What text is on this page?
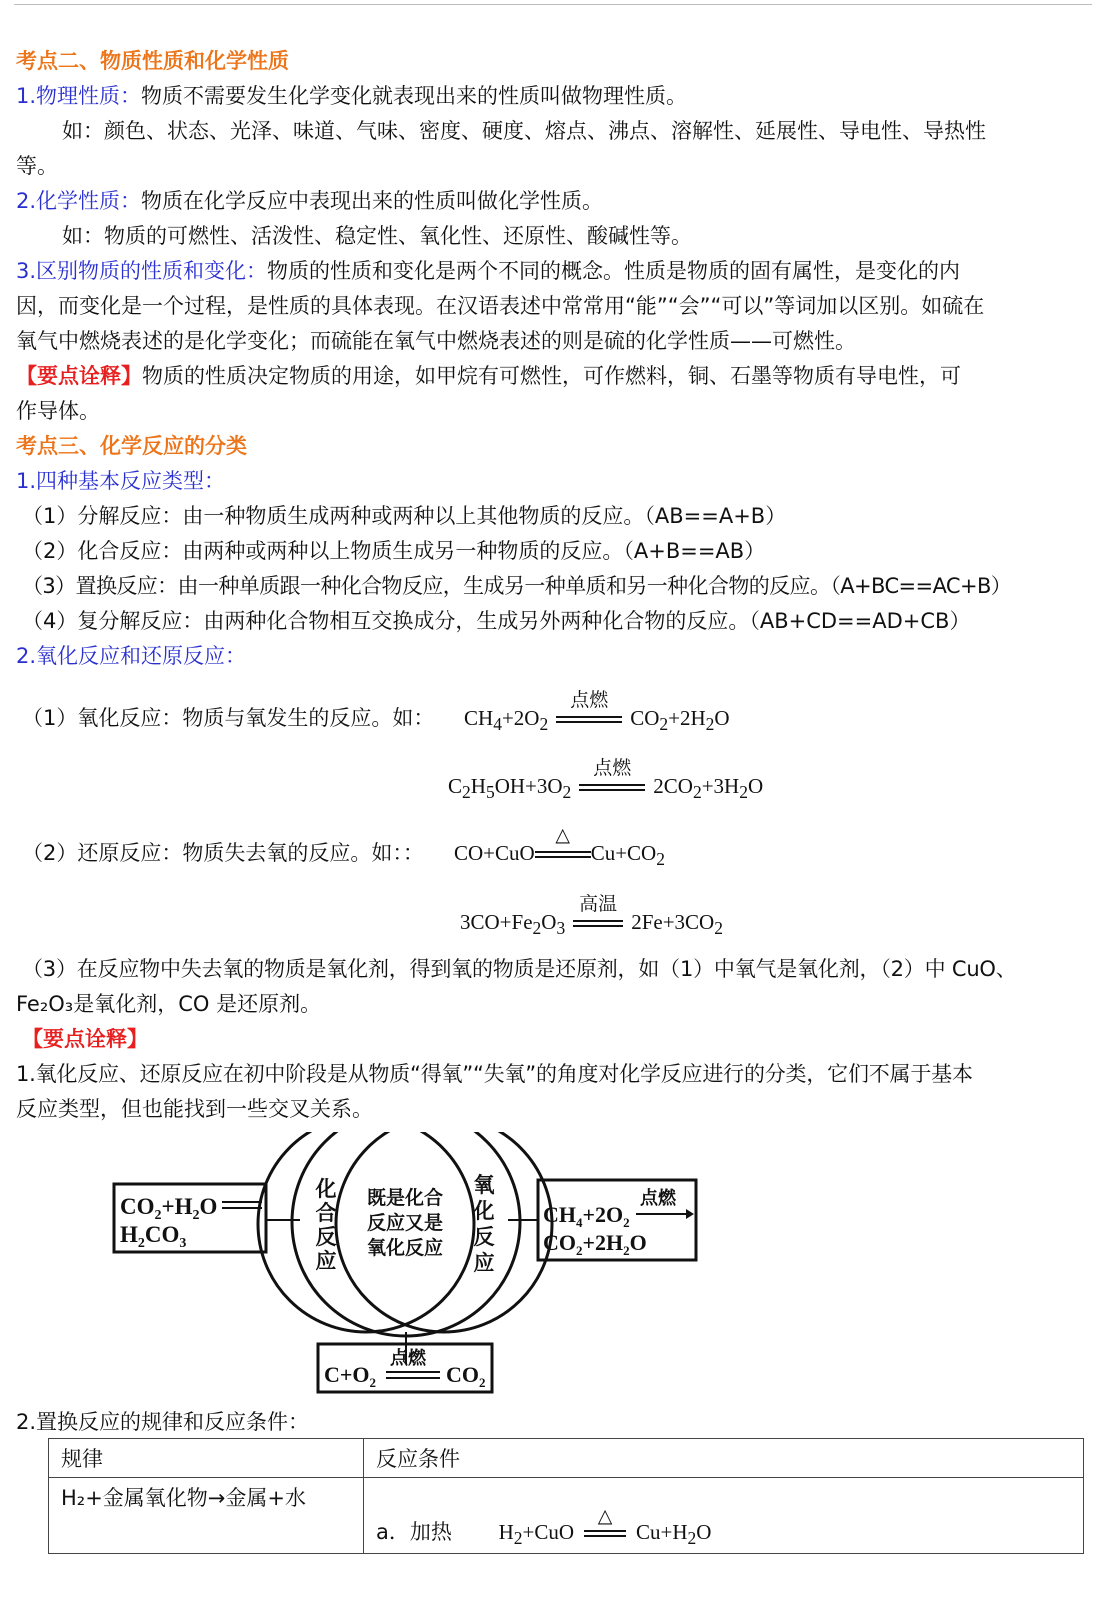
考点二、物质性质和化学性质
1.物理性质：物质不需要发生化学变化就表现出来的性质叫做物理性质。
如：颜色、状态、光泽、味道、气味、密度、硬度、熔点、沸点、溶解性、延展性、导电性、导热性
等。
2.化学性质：物质在化学反应中表现出来的性质叫做化学性质。
如：物质的可燃性、活泼性、稳定性、氧化性、还原性、酸碱性等。
3.区别物质的性质和变化：物质的性质和变化是两个不同的概念。性质是物质的固有属性，是变化的内
因，而变化是一个过程，是性质的具体表现。在汉语表述中常常用“能”“会”“可以”等词加以区别。如硫在
氧气中燃烧表述的是化学变化；而硫能在氧气中燃烧表述的则是硫的化学性质——可燃性。
【要点诠释】物质的性质决定物质的用途，如甲烷有可燃性，可作燃料，铜、石墨等物质有导电性，可
作导体。
考点三、化学反应的分类
1.四种基本反应类型：
（1）分解反应：由一种物质生成两种或两种以上其他物质的反应。（AB==A+B）
（2）化合反应：由两种或两种以上物质生成另一种物质的反应。（A+B==AB）
（3）置换反应：由一种单质跟一种化合物反应，生成另一种单质和另一种化合物的反应。（A+BC==AC+B）
（4）复分解反应：由两种化合物相互交换成分，生成另外两种化合物的反应。（AB+CD==AD+CB）
2.氧化反应和还原反应：
（1）氧化反应：物质与氧发生的反应。如： $CH_4+2O_2$
点燃
$CO_2+2H_2O$
$C_2H_5OH+3O_2$
点燃
$2CO_2+3H_2O$
（2）还原反应：物质失去氧的反应。如：： CO+CuO
△
$Cu+CO_2$
$3CO+Fe_2O_3$
高温
$2Fe+3CO_2$
（3）在反应物中失去氧的物质是氧化剂，得到氧的物质是还原剂，如（1）中氧气是氧化剂，（2）中 CuO、
Fe₂O₃是氧化剂，CO 是还原剂。
【要点诠释】
1.氧化反应、还原反应在初中阶段是从物质“得氧”“失氧”的角度对化学反应进行的分类，它们不属于基本
反应类型，但也能找到一些交叉关系。
$CO_2+H_2O$
$H_2CO_3$
化
合
反
应
氧
化
反
应
既是化合
反应又是
氧化反应
$CH_4+2O_2$
$CO_2+2H_2O$
点燃
$C+O_2$	$CO_2$
点燃
2.置换反应的规律和反应条件：
规律	反应条件
H₂+金属氧化物→金属+水	a．加热 $H_2+CuO$
△
$Cu+H_2O$
